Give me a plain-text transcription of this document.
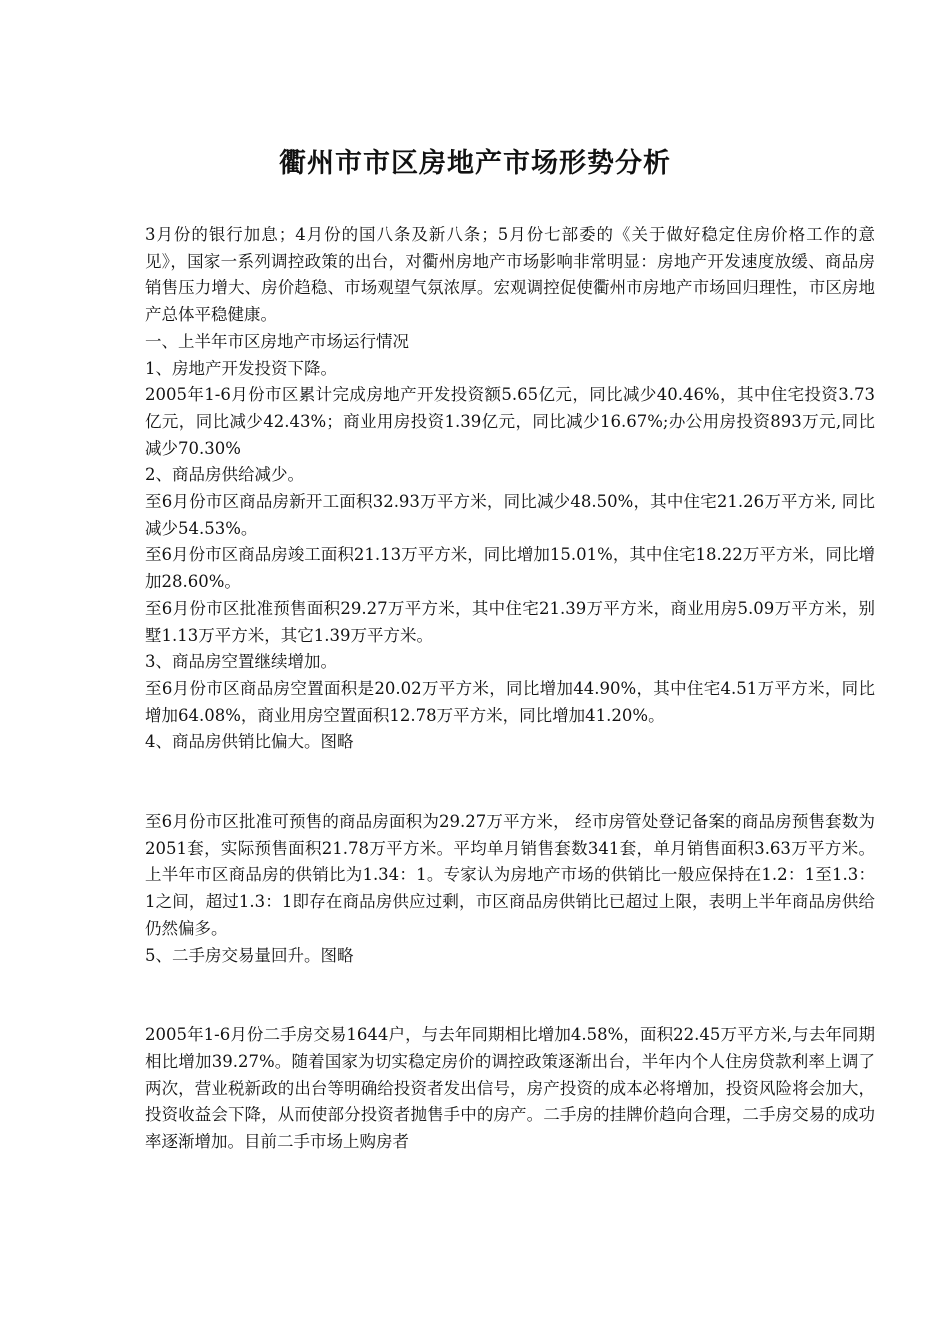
衢州市市区房地产市场形势分析

3月份的银行加息；4月份的国八条及新八条；5月份七部委的《关于做好稳定住房价格工作的意见》，国家一系列调控政策的出台，对衢州房地产市场影响非常明显：房地产开发速度放缓、商品房销售压力增大、房价趋稳、市场观望气氛浓厚。宏观调控促使衢州市房地产市场回归理性，市区房地产总体平稳健康。

一、上半年市区房地产市场运行情况

1、房地产开发投资下降。

2005年1-6月份市区累计完成房地产开发投资额5.65亿元，同比减少40.46%，其中住宅投资3.73亿元，同比减少42.43%；商业用房投资1.39亿元，同比减少16.67%;办公用房投资893万元,同比减少70.30%

2、商品房供给减少。

至6月份市区商品房新开工面积32.93万平方米，同比减少48.50%，其中住宅21.26万平方米, 同比减少54.53%。

至6月份市区商品房竣工面积21.13万平方米，同比增加15.01%，其中住宅18.22万平方米，同比增加28.60%。

至6月份市区批准预售面积29.27万平方米，其中住宅21.39万平方米，商业用房5.09万平方米，别墅1.13万平方米，其它1.39万平方米。

3、商品房空置继续增加。

至6月份市区商品房空置面积是20.02万平方米，同比增加44.90%，其中住宅4.51万平方米，同比增加64.08%，商业用房空置面积12.78万平方米，同比增加41.20%。

4、商品房供销比偏大。图略

至6月份市区批准可预售的商品房面积为29.27万平方米， 经市房管处登记备案的商品房预售套数为2051套，实际预售面积21.78万平方米。平均单月销售套数341套，单月销售面积3.63万平方米。上半年市区商品房的供销比为1.34：1。专家认为房地产市场的供销比一般应保持在1.2：1至1.3：1之间，超过1.3：1即存在商品房供应过剩，市区商品房供销比已超过上限，表明上半年商品房供给仍然偏多。

5、二手房交易量回升。图略

2005年1-6月份二手房交易1644户，与去年同期相比增加4.58%，面积22.45万平方米,与去年同期相比增加39.27%。随着国家为切实稳定房价的调控政策逐渐出台，半年内个人住房贷款利率上调了两次，营业税新政的出台等明确给投资者发出信号，房产投资的成本必将增加，投资风险将会加大，投资收益会下降，从而使部分投资者抛售手中的房产。二手房的挂牌价趋向合理，二手房交易的成功率逐渐增加。目前二手市场上购房者
